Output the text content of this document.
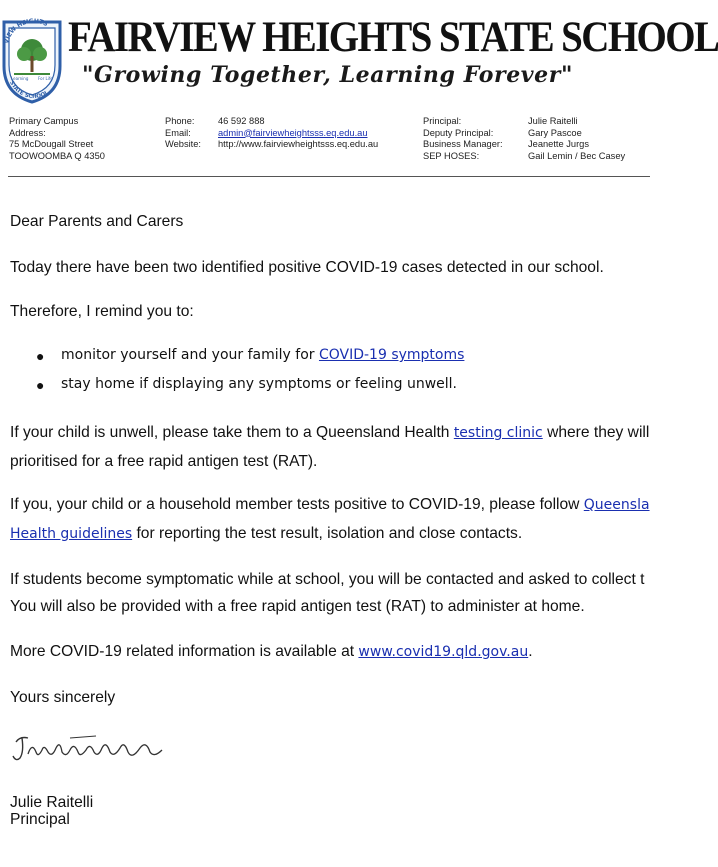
VIEW HEIGHTS
Learning For Life
STATE SCHOOL
FAIRVIEW HEIGHTS STATE SCHOOL
"Growing Together, Learning Forever"
Primary Campus
Address:
75 McDougall Street
TOOWOOMBA Q 4350
Phone:
Email:
Website:
46 592 888
admin@fairviewheightsss.eq.edu.au
http://www.fairviewheightsss.eq.edu.au
Principal:
Deputy Principal:
Business Manager:
SEP HOSES:
Julie Raitelli
Gary Pascoe
Jeanette Jurgs
Gail Lemin / Bec Casey
Dear Parents and Carers
Today there have been two identified positive COVID-19 cases detected in our school.
Therefore, I remind you to:
● monitor yourself and your family for COVID-19 symptoms
● stay home if displaying any symptoms or feeling unwell.
If your child is unwell, please take them to a Queensland Health testing clinic where they will
prioritised for a free rapid antigen test (RAT).
If you, your child or a household member tests positive to COVID-19, please follow Queensla
Health guidelines for reporting the test result, isolation and close contacts.
If students become symptomatic while at school, you will be contacted and asked to collect t
You will also be provided with a free rapid antigen test (RAT) to administer at home.
More COVID-19 related information is available at www.covid19.qld.gov.au.
Yours sincerely
Julie Raitelli
Principal
